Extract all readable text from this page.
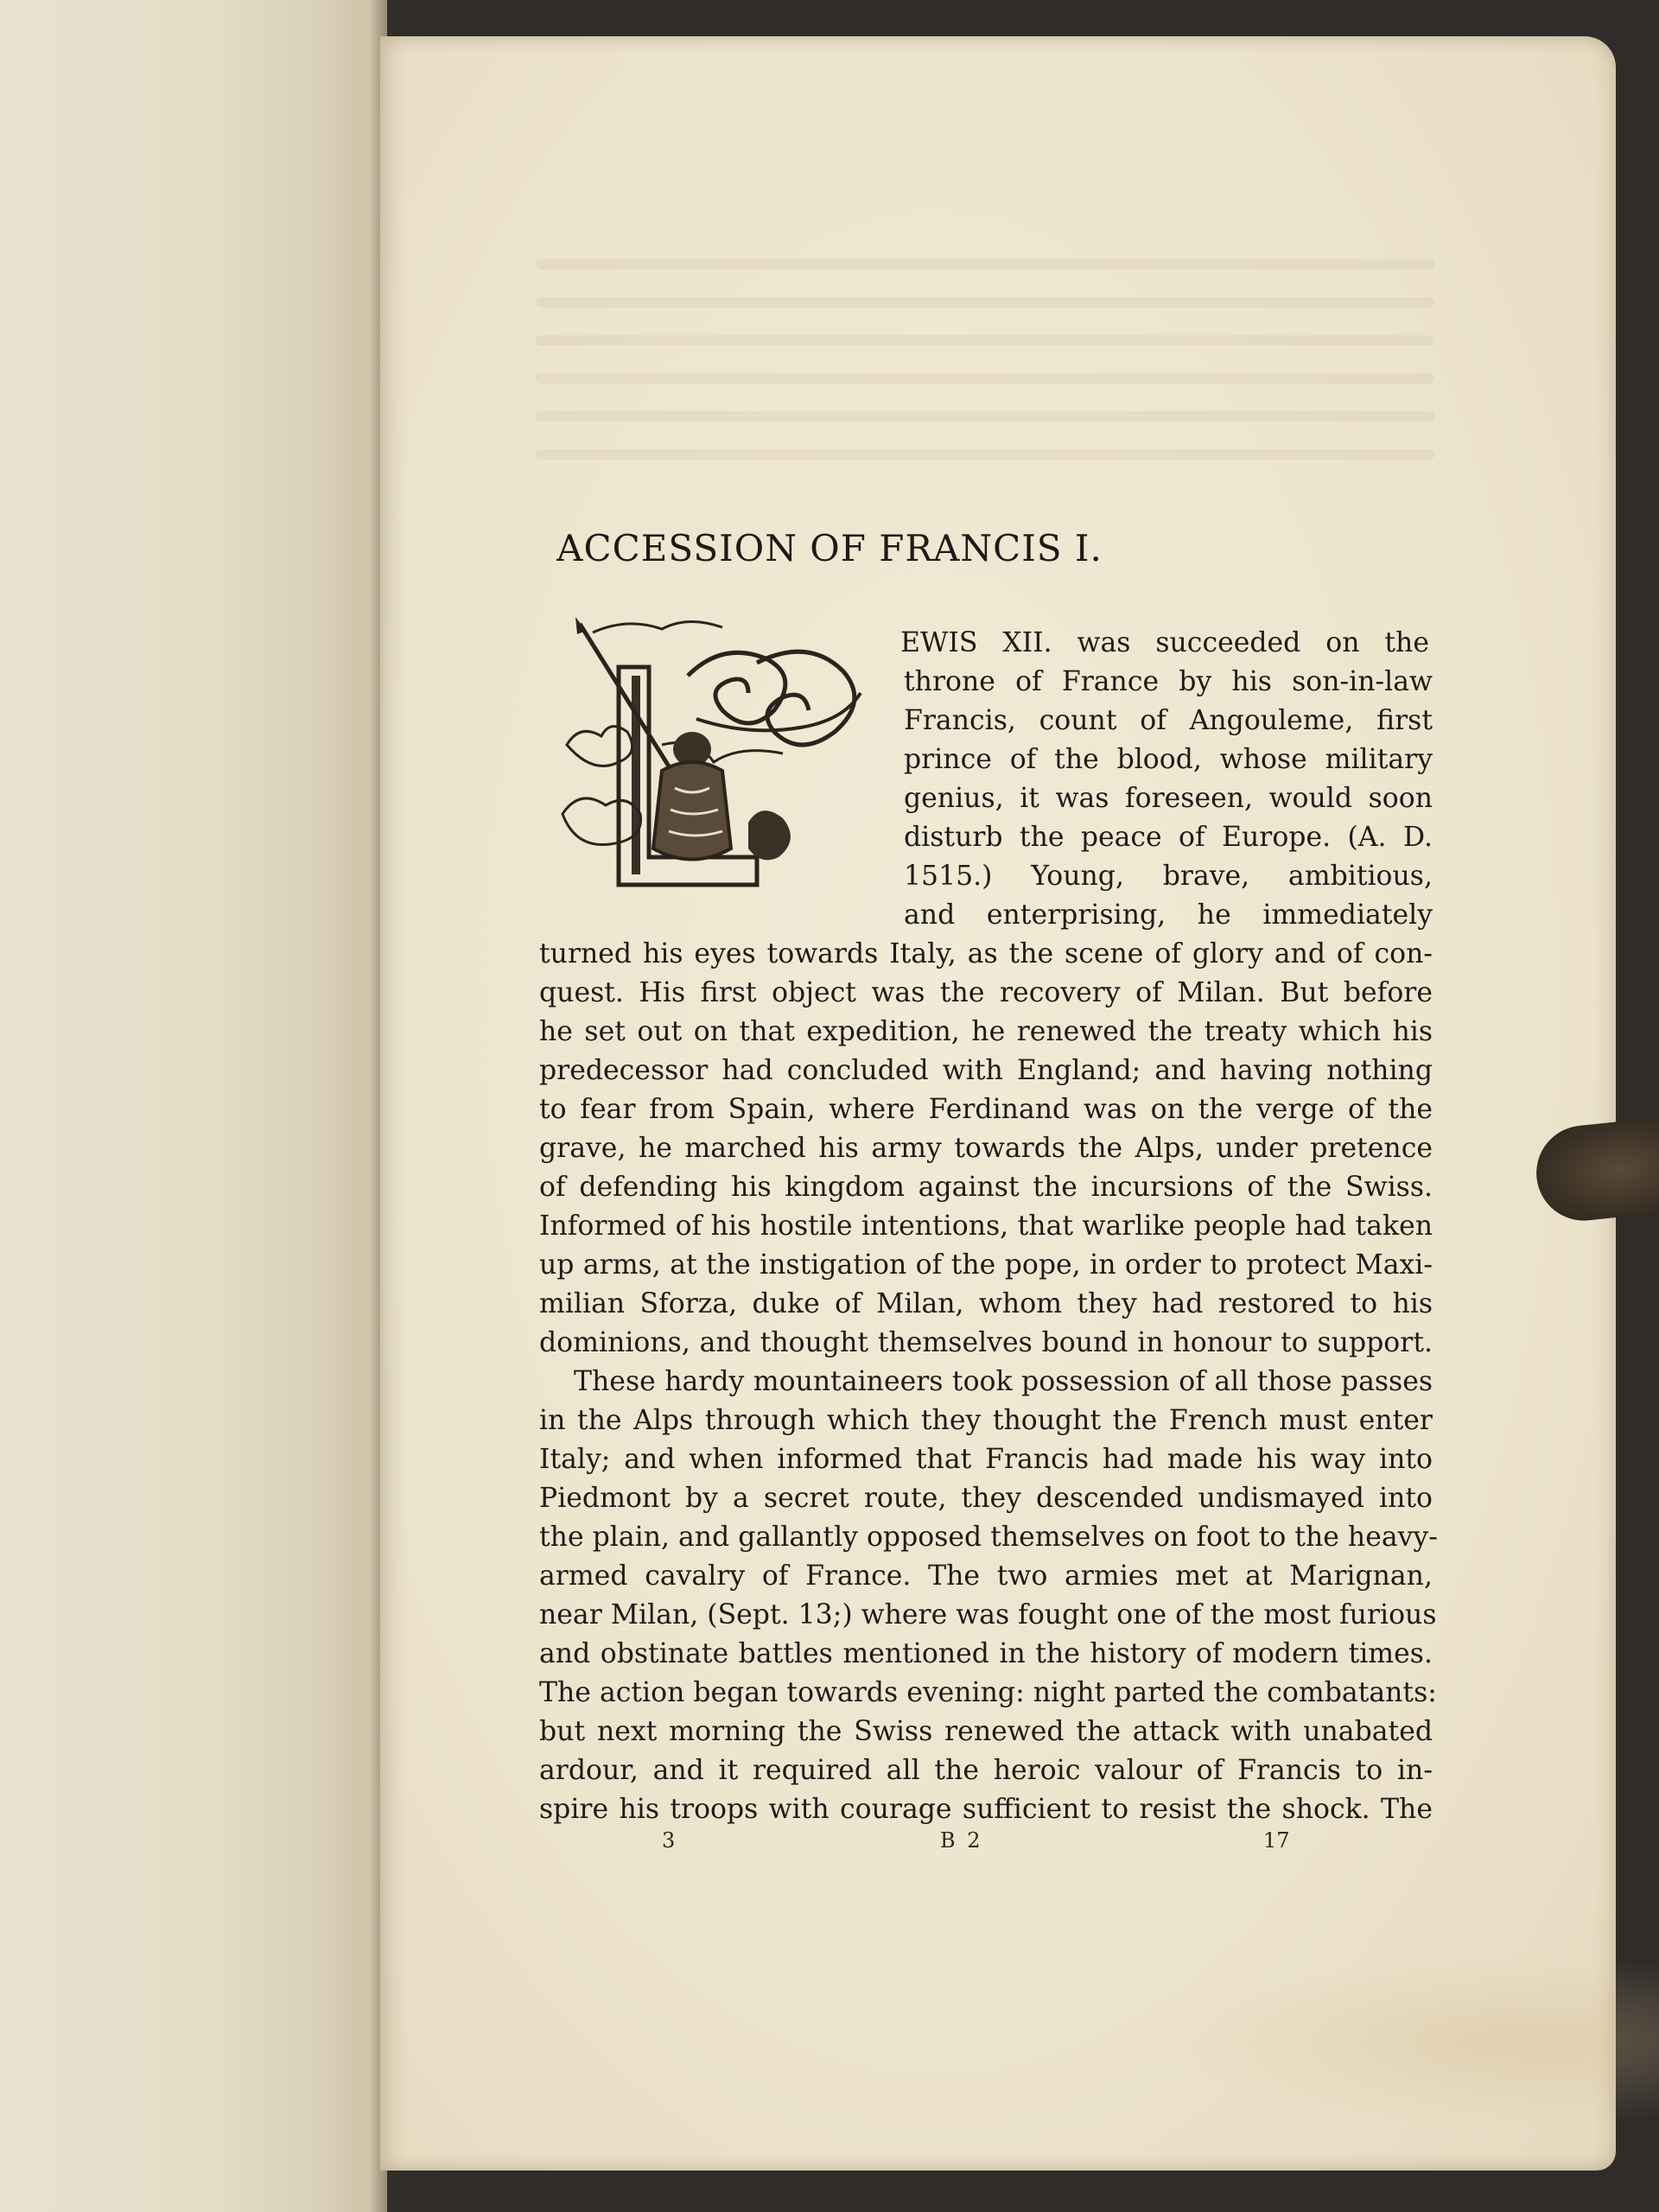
ACCESSION OF FRANCIS I.
EWIS XII. was succeeded on the
throne of France by his son-in-law
Francis, count of Angouleme, first
prince of the blood, whose military
genius, it was foreseen, would soon
disturb the peace of Europe. (A. D.
1515.) Young, brave, ambitious,
and enterprising, he immediately
turned his eyes towards Italy, as the scene of glory and of con-
quest. His first object was the recovery of Milan. But before
he set out on that expedition, he renewed the treaty which his
predecessor had concluded with England; and having nothing
to fear from Spain, where Ferdinand was on the verge of the
grave, he marched his army towards the Alps, under pretence
of defending his kingdom against the incursions of the Swiss.
Informed of his hostile intentions, that warlike people had taken
up arms, at the instigation of the pope, in order to protect Maxi-
milian Sforza, duke of Milan, whom they had restored to his
dominions, and thought themselves bound in honour to support.
These hardy mountaineers took possession of all those passes
in the Alps through which they thought the French must enter
Italy; and when informed that Francis had made his way into
Piedmont by a secret route, they descended undismayed into
the plain, and gallantly opposed themselves on foot to the heavy-
armed cavalry of France. The two armies met at Marignan,
near Milan, (Sept. 13;) where was fought one of the most furious
and obstinate battles mentioned in the history of modern times.
The action began towards evening: night parted the combatants:
but next morning the Swiss renewed the attack with unabated
ardour, and it required all the heroic valour of Francis to in-
spire his troops with courage sufficient to resist the shock. The
3	B 2	17
